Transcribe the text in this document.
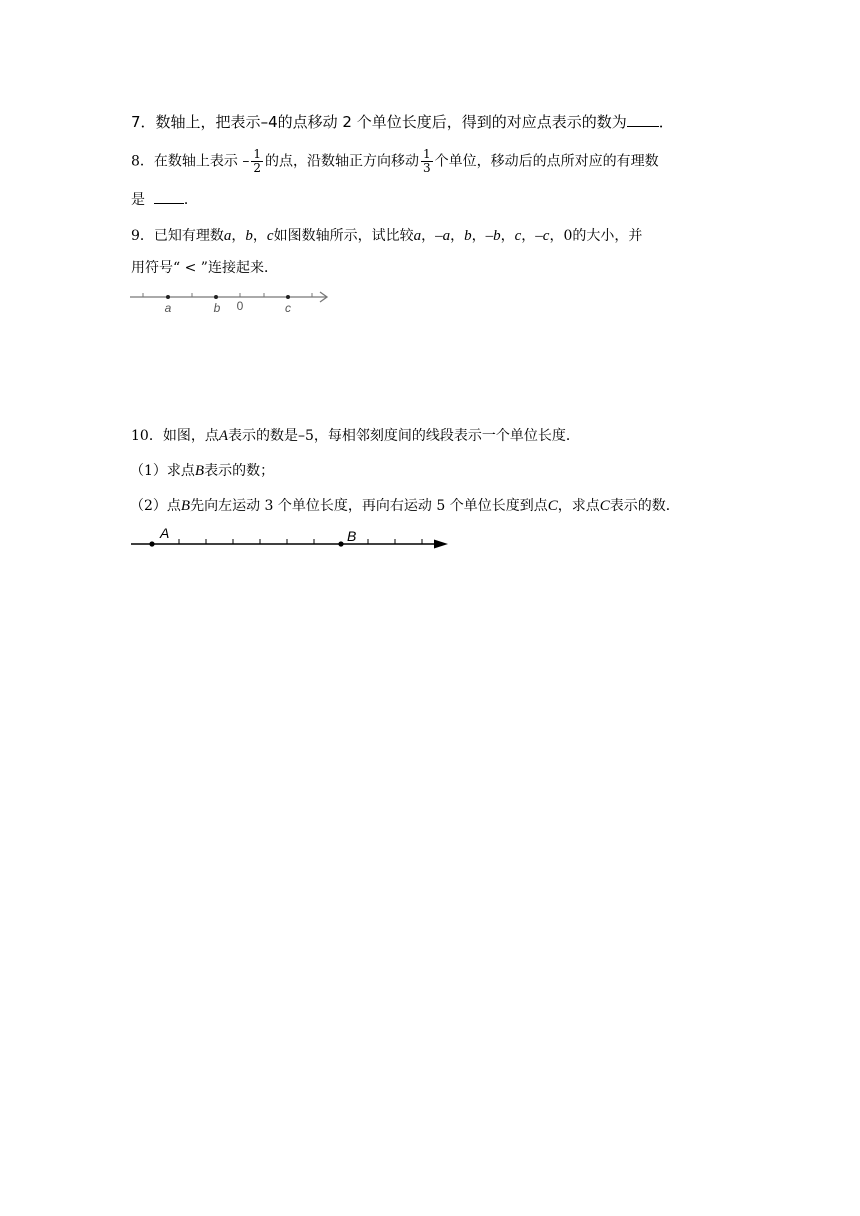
7．数轴上，把表示–4的点移动 2 个单位长度后，得到的对应点表示的数为 ．
8．在数轴上表示 – $\frac{1}{2}$ 的点，沿数轴正方向移动 $\frac{1}{3}$ 个单位，移动后的点所对应的有理数
是	．
9．已知有理数a，b，c如图数轴所示，试比较a，–a，b，–b，c，–c，0的大小，并
用符号“ < ”连接起来．
a	b 0	c
10．如图，点A表示的数是–5，每相邻刻度间的线段表示一个单位长度．
（1）求点B表示的数；
（2）点B先向左运动 3 个单位长度，再向右运动 5 个单位长度到点C，求点C表示的数．
A	B
